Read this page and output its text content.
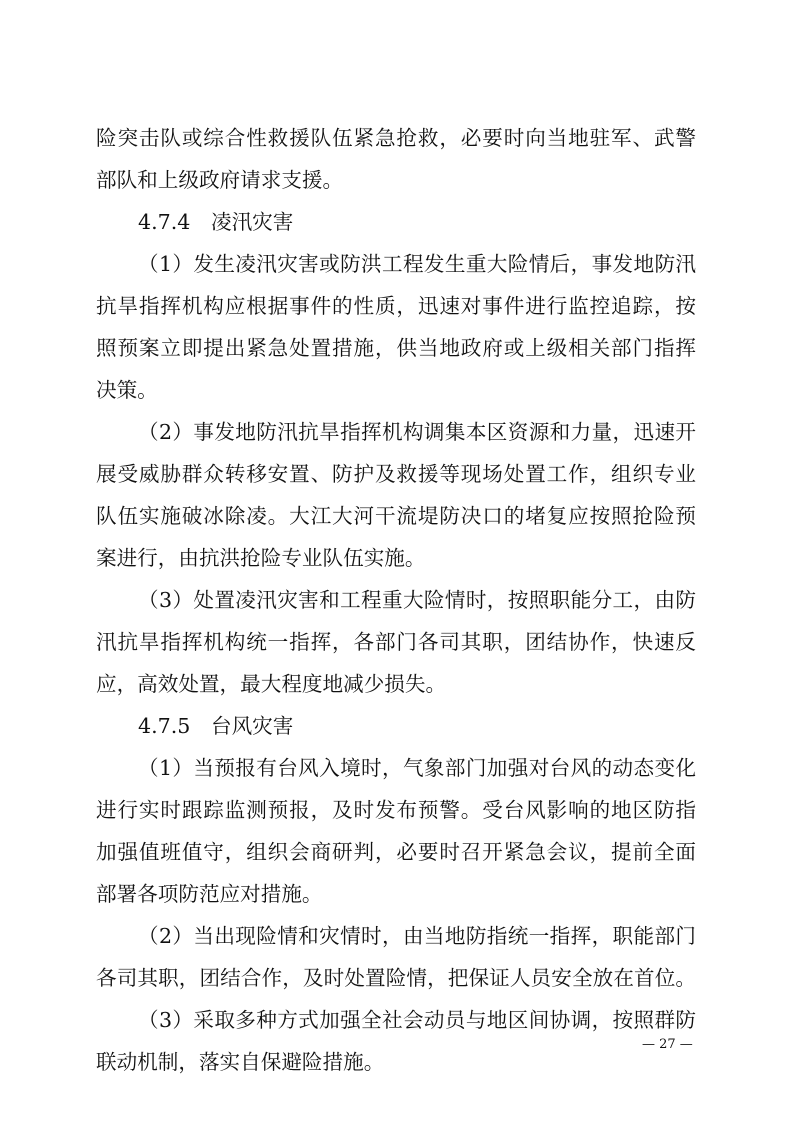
险突击队或综合性救援队伍紧急抢救，必要时向当地驻军、武警
部队和上级政府请求支援。
4.7.4　凌汛灾害
（1）发生凌汛灾害或防洪工程发生重大险情后，事发地防汛
抗旱指挥机构应根据事件的性质，迅速对事件进行监控追踪，按
照预案立即提出紧急处置措施，供当地政府或上级相关部门指挥
决策。
（2）事发地防汛抗旱指挥机构调集本区资源和力量，迅速开
展受威胁群众转移安置、防护及救援等现场处置工作，组织专业
队伍实施破冰除凌。大江大河干流堤防决口的堵复应按照抢险预
案进行，由抗洪抢险专业队伍实施。
（3）处置凌汛灾害和工程重大险情时，按照职能分工，由防
汛抗旱指挥机构统一指挥，各部门各司其职，团结协作，快速反
应，高效处置，最大程度地减少损失。
4.7.5　台风灾害
（1）当预报有台风入境时，气象部门加强对台风的动态变化
进行实时跟踪监测预报，及时发布预警。受台风影响的地区防指
加强值班值守，组织会商研判，必要时召开紧急会议，提前全面
部署各项防范应对措施。
（2）当出现险情和灾情时，由当地防指统一指挥，职能部门
各司其职，团结合作，及时处置险情，把保证人员安全放在首位。
（3）采取多种方式加强全社会动员与地区间协调，按照群防
联动机制，落实自保避险措施。
— 27 —
